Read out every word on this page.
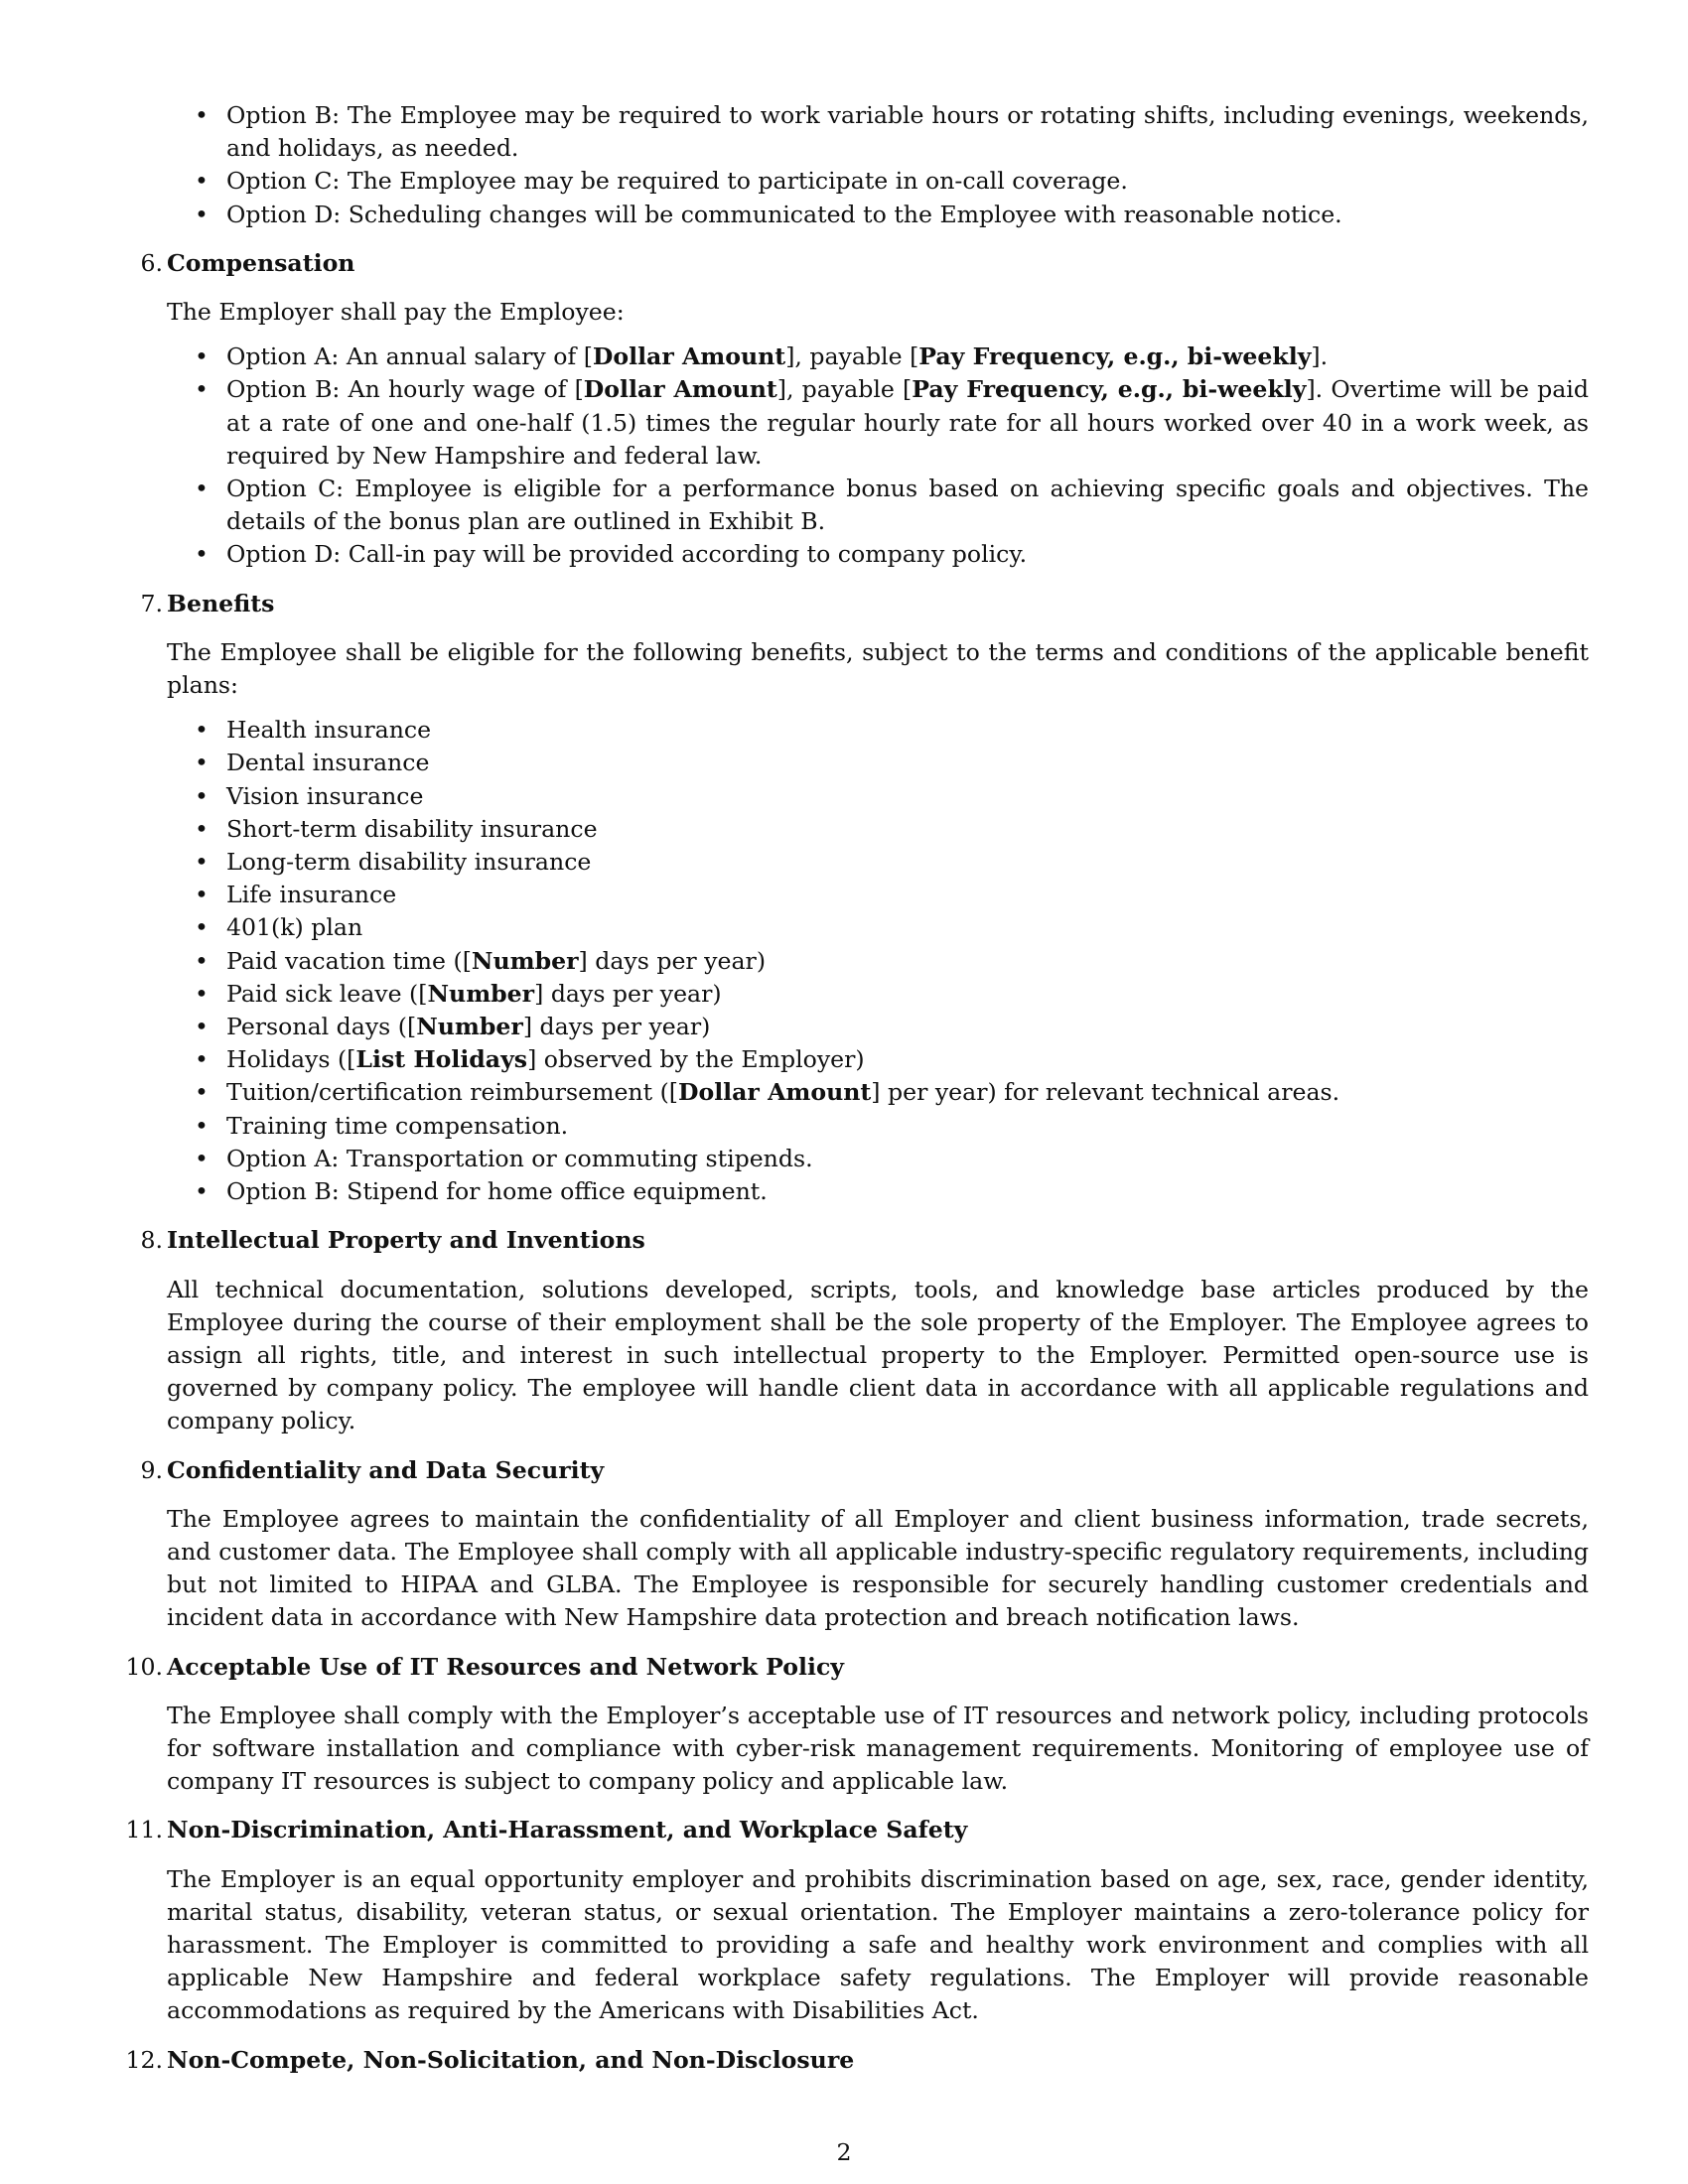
• Option B: The Employee may be required to work variable hours or rotating shifts, including evenings, weekends, and holidays, as needed.
• Option C: The Employee may be required to participate in on-call coverage.
• Option D: Scheduling changes will be communicated to the Employee with reasonable notice.
6. Compensation

The Employer shall pay the Employee:

• Option A: An annual salary of [Dollar Amount], payable [Pay Frequency, e.g., bi-weekly].
• Option B: An hourly wage of [Dollar Amount], payable [Pay Frequency, e.g., bi-weekly]. Overtime will be paid at a rate of one and one-half (1.5) times the regular hourly rate for all hours worked over 40 in a work week, as required by New Hampshire and federal law.
• Option C: Employee is eligible for a performance bonus based on achieving specific goals and objectives. The details of the bonus plan are outlined in Exhibit B.
• Option D: Call-in pay will be provided according to company policy.
7. Benefits

The Employee shall be eligible for the following benefits, subject to the terms and conditions of the applicable benefit plans:

• Health insurance
• Dental insurance
• Vision insurance
• Short-term disability insurance
• Long-term disability insurance
• Life insurance
• 401(k) plan
• Paid vacation time ([Number] days per year)
• Paid sick leave ([Number] days per year)
• Personal days ([Number] days per year)
• Holidays ([List Holidays] observed by the Employer)
• Tuition/certification reimbursement ([Dollar Amount] per year) for relevant technical areas.
• Training time compensation.
• Option A: Transportation or commuting stipends.
• Option B: Stipend for home office equipment.
8. Intellectual Property and Inventions

All technical documentation, solutions developed, scripts, tools, and knowledge base articles produced by the Employee during the course of their employment shall be the sole property of the Employer. The Employee agrees to assign all rights, title, and interest in such intellectual property to the Employer. Permitted open-source use is governed by company policy. The employee will handle client data in accordance with all applicable regulations and company policy.

9. Confidentiality and Data Security

The Employee agrees to maintain the confidentiality of all Employer and client business information, trade secrets, and customer data. The Employee shall comply with all applicable industry-specific regulatory requirements, including but not limited to HIPAA and GLBA. The Employee is responsible for securely handling customer credentials and incident data in accordance with New Hampshire data protection and breach notification laws.

10. Acceptable Use of IT Resources and Network Policy

The Employee shall comply with the Employer’s acceptable use of IT resources and network policy, including protocols for software installation and compliance with cyber-risk management requirements. Monitoring of employee use of company IT resources is subject to company policy and applicable law.

11. Non-Discrimination, Anti-Harassment, and Workplace Safety

The Employer is an equal opportunity employer and prohibits discrimination based on age, sex, race, gender identity, marital status, disability, veteran status, or sexual orientation. The Employer maintains a zero-tolerance policy for harassment. The Employer is committed to providing a safe and healthy work environment and complies with all applicable New Hampshire and federal workplace safety regulations. The Employer will provide reasonable accommodations as required by the Americans with Disabilities Act.

12. Non-Compete, Non-Solicitation, and Non-Disclosure
2
